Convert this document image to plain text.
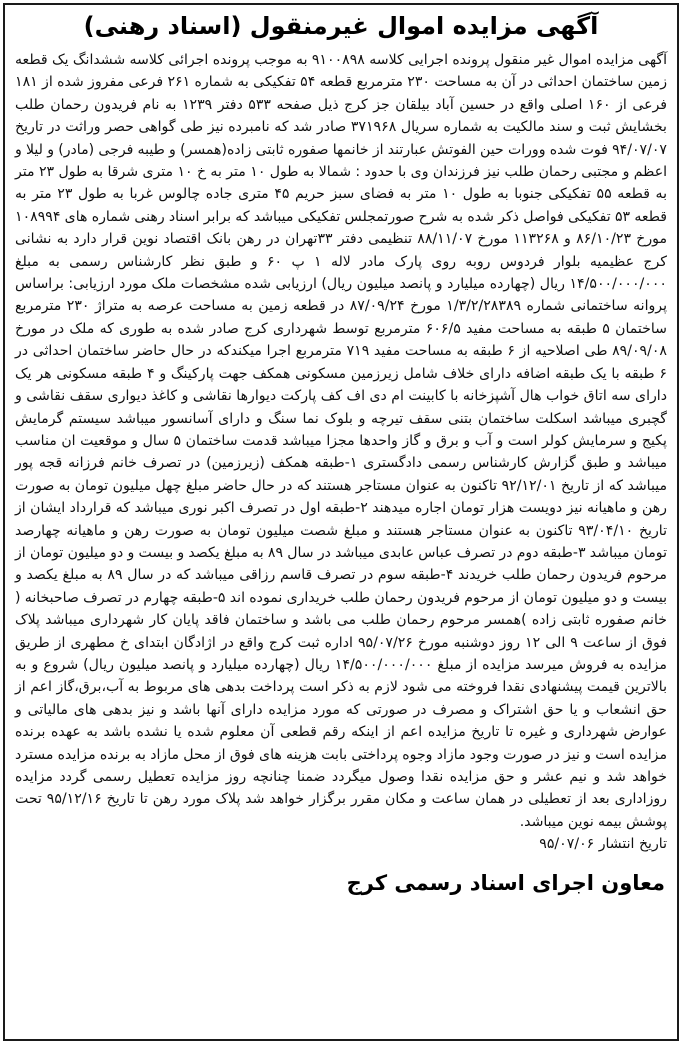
آگهی مزایده اموال غیرمنقول (اسناد رهنی)
آگهی مزایده اموال غیر منقول پرونده اجرایی کلاسه ۹۱۰۰۸۹۸ به موجب پرونده اجرائی کلاسه ششدانگ یک قطعه زمین ساختمان احداثی در آن به مساحت ۲۳۰ مترمربع قطعه ۵۴ تفکیکی به شماره ۲۶۱ فرعی مفروز شده از ۱۸۱ فرعی از ۱۶۰ اصلی واقع در حسین آباد بیلقان جز کرج ذیل صفحه ۵۳۳ دفتر ۱۲۳۹ به نام فریدون رحمان طلب بخشایش ثبت و سند مالکیت به شماره سریال ۳۷۱۹۶۸ صادر شد که نامبرده نیز طی گواهی حصر وراثت در تاریخ ۹۴/۰۷/۰۷ فوت شده وورات حین الفوتش عبارتند از خانمها صفوره ثابتی زاده(همسر) و طیبه فرجی (مادر) و لیلا و اعظم و مجتبی رحمان طلب نیز فرزندان وی با حدود : شمالا به طول ۱۰ متر به خ ۱۰ متری شرقا به طول ۲۳ متر به قطعه ۵۵ تفکیکی جنوبا به طول ۱۰ متر به فضای سبز حریم ۴۵ متری جاده چالوس غربا به طول ۲۳ متر به قطعه ۵۳ تفکیکی فواصل ذکر شده به شرح صورتمجلس تفکیکی میباشد که برابر اسناد رهنی شماره های ۱۰۸۹۹۴ مورخ ۸۶/۱۰/۲۳ و ۱۱۳۲۶۸ مورخ ۸۸/۱۱/۰۷ تنظیمی دفتر ۳۳تهران در رهن بانک اقتصاد نوین قرار دارد به نشانی کرج عظیمیه بلوار فردوس روبه روی پارک مادر لاله ۱ پ ۶۰ و طبق نظر کارشناس رسمی به مبلغ ۱۴/۵۰۰/۰۰۰/۰۰۰ ریال (چهارده میلیارد و پانصد میلیون ریال) ارزیابی شده مشخصات ملک مورد ارزیابی: براساس پروانه ساختمانی شماره ۱/۳/۲/۲۸۳۸۹ مورخ ۸۷/۰۹/۲۴ در قطعه زمین به مساحت عرصه به متراژ ۲۳۰ مترمربع ساختمان ۵ طبقه به مساحت مفید ۶۰۶/۵ مترمربع توسط شهرداری کرج صادر شده به طوری که ملک در مورخ ۸۹/۰۹/۰۸ طی اصلاحیه از ۶ طبقه به مساحت مفید ۷۱۹ مترمربع اجرا میکندکه در حال حاضر ساختمان احداثی در ۶ طبقه با یک طبقه اضافه دارای خلاف شامل زیرزمین مسکونی همکف جهت پارکینگ و ۴ طبقه مسکونی هر یک دارای سه اتاق خواب هال آشپزخانه با کابینت ام دی اف کف پارکت دیوارها نقاشی و کاغذ دیواری سقف نقاشی و گچبری میباشد اسکلت ساختمان بتنی سقف تیرچه و بلوک نما سنگ و دارای آسانسور میباشد سیستم گرمایش پکیج و سرمایش کولر است و آب و برق و گاز واحدها مجزا میباشد قدمت ساختمان ۵ سال و موقعیت ان مناسب میباشد و طبق گزارش کارشناس رسمی دادگستری ۱-طبقه همکف (زیرزمین) در تصرف خانم فرزانه قجه پور میباشد که از تاریخ ۹۲/۱۲/۰۱ تاکنون به عنوان مستاجر هستند که در حال حاضر مبلغ چهل میلیون تومان به صورت رهن و ماهیانه نیز دویست هزار تومان اجاره میدهند ۲-طبقه اول در تصرف اکبر نوری میباشد که قرارداد ایشان از تاریخ ۹۳/۰۴/۱۰ تاکنون به عنوان مستاجر هستند و مبلغ شصت میلیون تومان به صورت رهن و ماهیانه چهارصد تومان میباشد ۳-طبقه دوم در تصرف عباس عابدی میباشد در سال ۸۹ به مبلغ یکصد و بیست و دو میلیون تومان از مرحوم فریدون رحمان طلب خریدند ۴-طبقه سوم در تصرف قاسم رزاقی میباشد که در سال ۸۹ به مبلغ یکصد و بیست و دو میلیون تومان از مرحوم فریدون رحمان طلب خریداری نموده اند ۵-طبقه چهارم در تصرف صاحبخانه ( خانم صفوره ثابتی زاده )همسر مرحوم رحمان طلب می باشد و ساختمان فاقد پایان کار شهرداری میباشد پلاک فوق از ساعت ۹ الی ۱۲ روز دوشنبه مورخ ۹۵/۰۷/۲۶ اداره ثبت کرج واقع در اژادگان ابتدای خ مطهری از طریق مزایده به فروش میرسد مزایده از مبلغ ۱۴/۵۰۰/۰۰۰/۰۰۰ ریال (چهارده میلیارد و پانصد میلیون ریال) شروع و به بالاترین قیمت پیشنهادی نقدا فروخته می شود لازم به ذکر است پرداخت بدهی های مربوط به آب،برق،گاز اعم از حق انشعاب و یا حق اشتراک و مصرف در صورتی که مورد مزایده دارای آنها باشد و نیز بدهی های مالیاتی و عوارض شهرداری و غیره تا تاریخ مزایده اعم از اینکه رقم قطعی آن معلوم شده یا نشده باشد به عهده برنده مزایده است و نیز در صورت وجود مازاد وجوه پرداختی بابت هزینه های فوق از محل مازاد به برنده مزایده مسترد خواهد شد و نیم عشر و حق مزایده نقدا وصول میگردد ضمنا چنانچه روز مزایده تعطیل رسمی گردد مزایده روزاداری بعد از تعطیلی در همان ساعت و مکان مقرر برگزار خواهد شد پلاک مورد رهن تا تاریخ ۹۵/۱۲/۱۶ تحت پوشش بیمه نوین میباشد.
تاریخ انتشار ۹۵/۰۷/۰۶
معاون اجرای اسناد رسمی کرج
